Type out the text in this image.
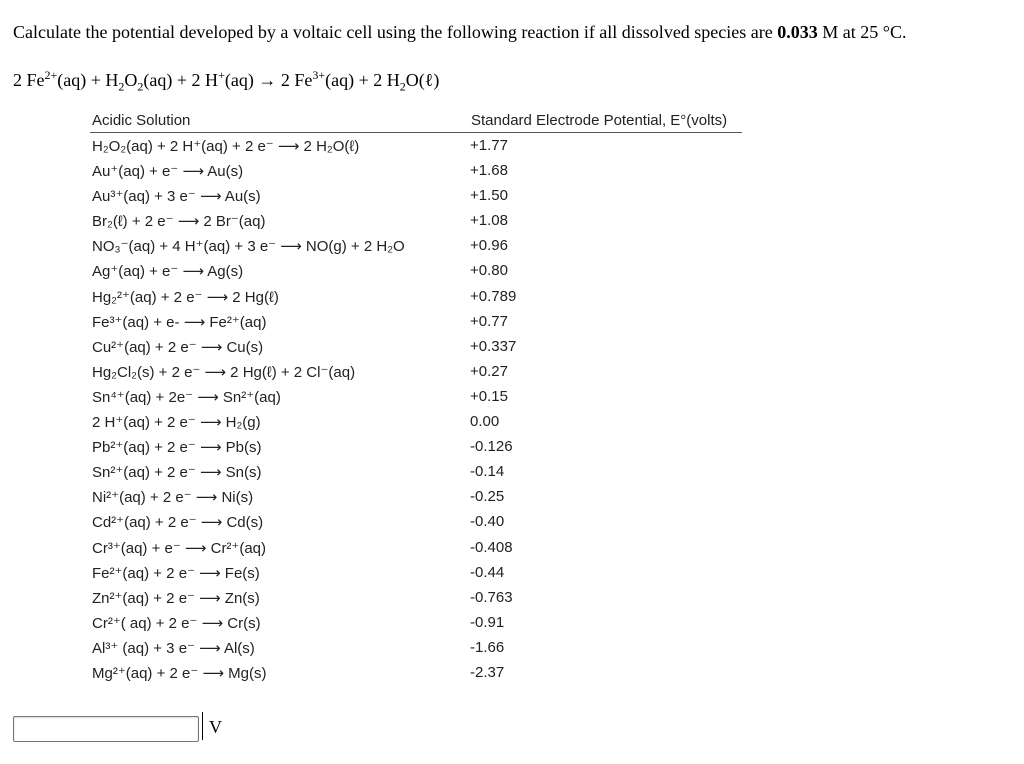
Calculate the potential developed by a voltaic cell using the following reaction if all dissolved species are 0.033 M at 25 °C.
2 $Fe^{2+}(aq) + H_2O_2(aq) + 2$ H+(aq) → 2 $Fe^{3+}(aq) + 2$ $H_2O(\ell)$
Acidic Solution	Standard Electrode Potential, E°(volts)
H₂O₂(aq) + 2 H⁺(aq) + 2 e⁻ ⟶ 2 H₂O(ℓ)	+1.77
Au⁺(aq) + e⁻ ⟶ Au(s)	+1.68
Au³⁺(aq) + 3 e⁻ ⟶ Au(s)	+1.50
Br₂(ℓ) + 2 e⁻ ⟶ 2 Br⁻(aq)	+1.08
NO₃⁻(aq) + 4 H⁺(aq) + 3 e⁻ ⟶ NO(g) + 2 H₂O	+0.96
Ag⁺(aq) + e⁻ ⟶ Ag(s)	+0.80
Hg₂²⁺(aq) + 2 e⁻ ⟶ 2 Hg(ℓ)	+0.789
Fe³⁺(aq) + e- ⟶ Fe²⁺(aq)	+0.77
Cu²⁺(aq) + 2 e⁻ ⟶ Cu(s)	+0.337
Hg₂Cl₂(s) + 2 e⁻ ⟶ 2 Hg(ℓ) + 2 Cl⁻(aq)	+0.27
Sn⁴⁺(aq) + 2e⁻ ⟶ Sn²⁺(aq)	+0.15
2 H⁺(aq) + 2 e⁻ ⟶ H₂(g)	0.00
Pb²⁺(aq) + 2 e⁻ ⟶ Pb(s)	-0.126
Sn²⁺(aq) + 2 e⁻ ⟶ Sn(s)	-0.14
Ni²⁺(aq) + 2 e⁻ ⟶ Ni(s)	-0.25
Cd²⁺(aq) + 2 e⁻ ⟶ Cd(s)	-0.40
Cr³⁺(aq) + e⁻ ⟶ Cr²⁺(aq)	-0.408
Fe²⁺(aq) + 2 e⁻ ⟶ Fe(s)	-0.44
Zn²⁺(aq) + 2 e⁻ ⟶ Zn(s)	-0.763
Cr²⁺( aq) + 2 e⁻ ⟶ Cr(s)	-0.91
Al³⁺ (aq) + 3 e⁻ ⟶ Al(s)	-1.66
Mg²⁺(aq) + 2 e⁻ ⟶ Mg(s)	-2.37
V
